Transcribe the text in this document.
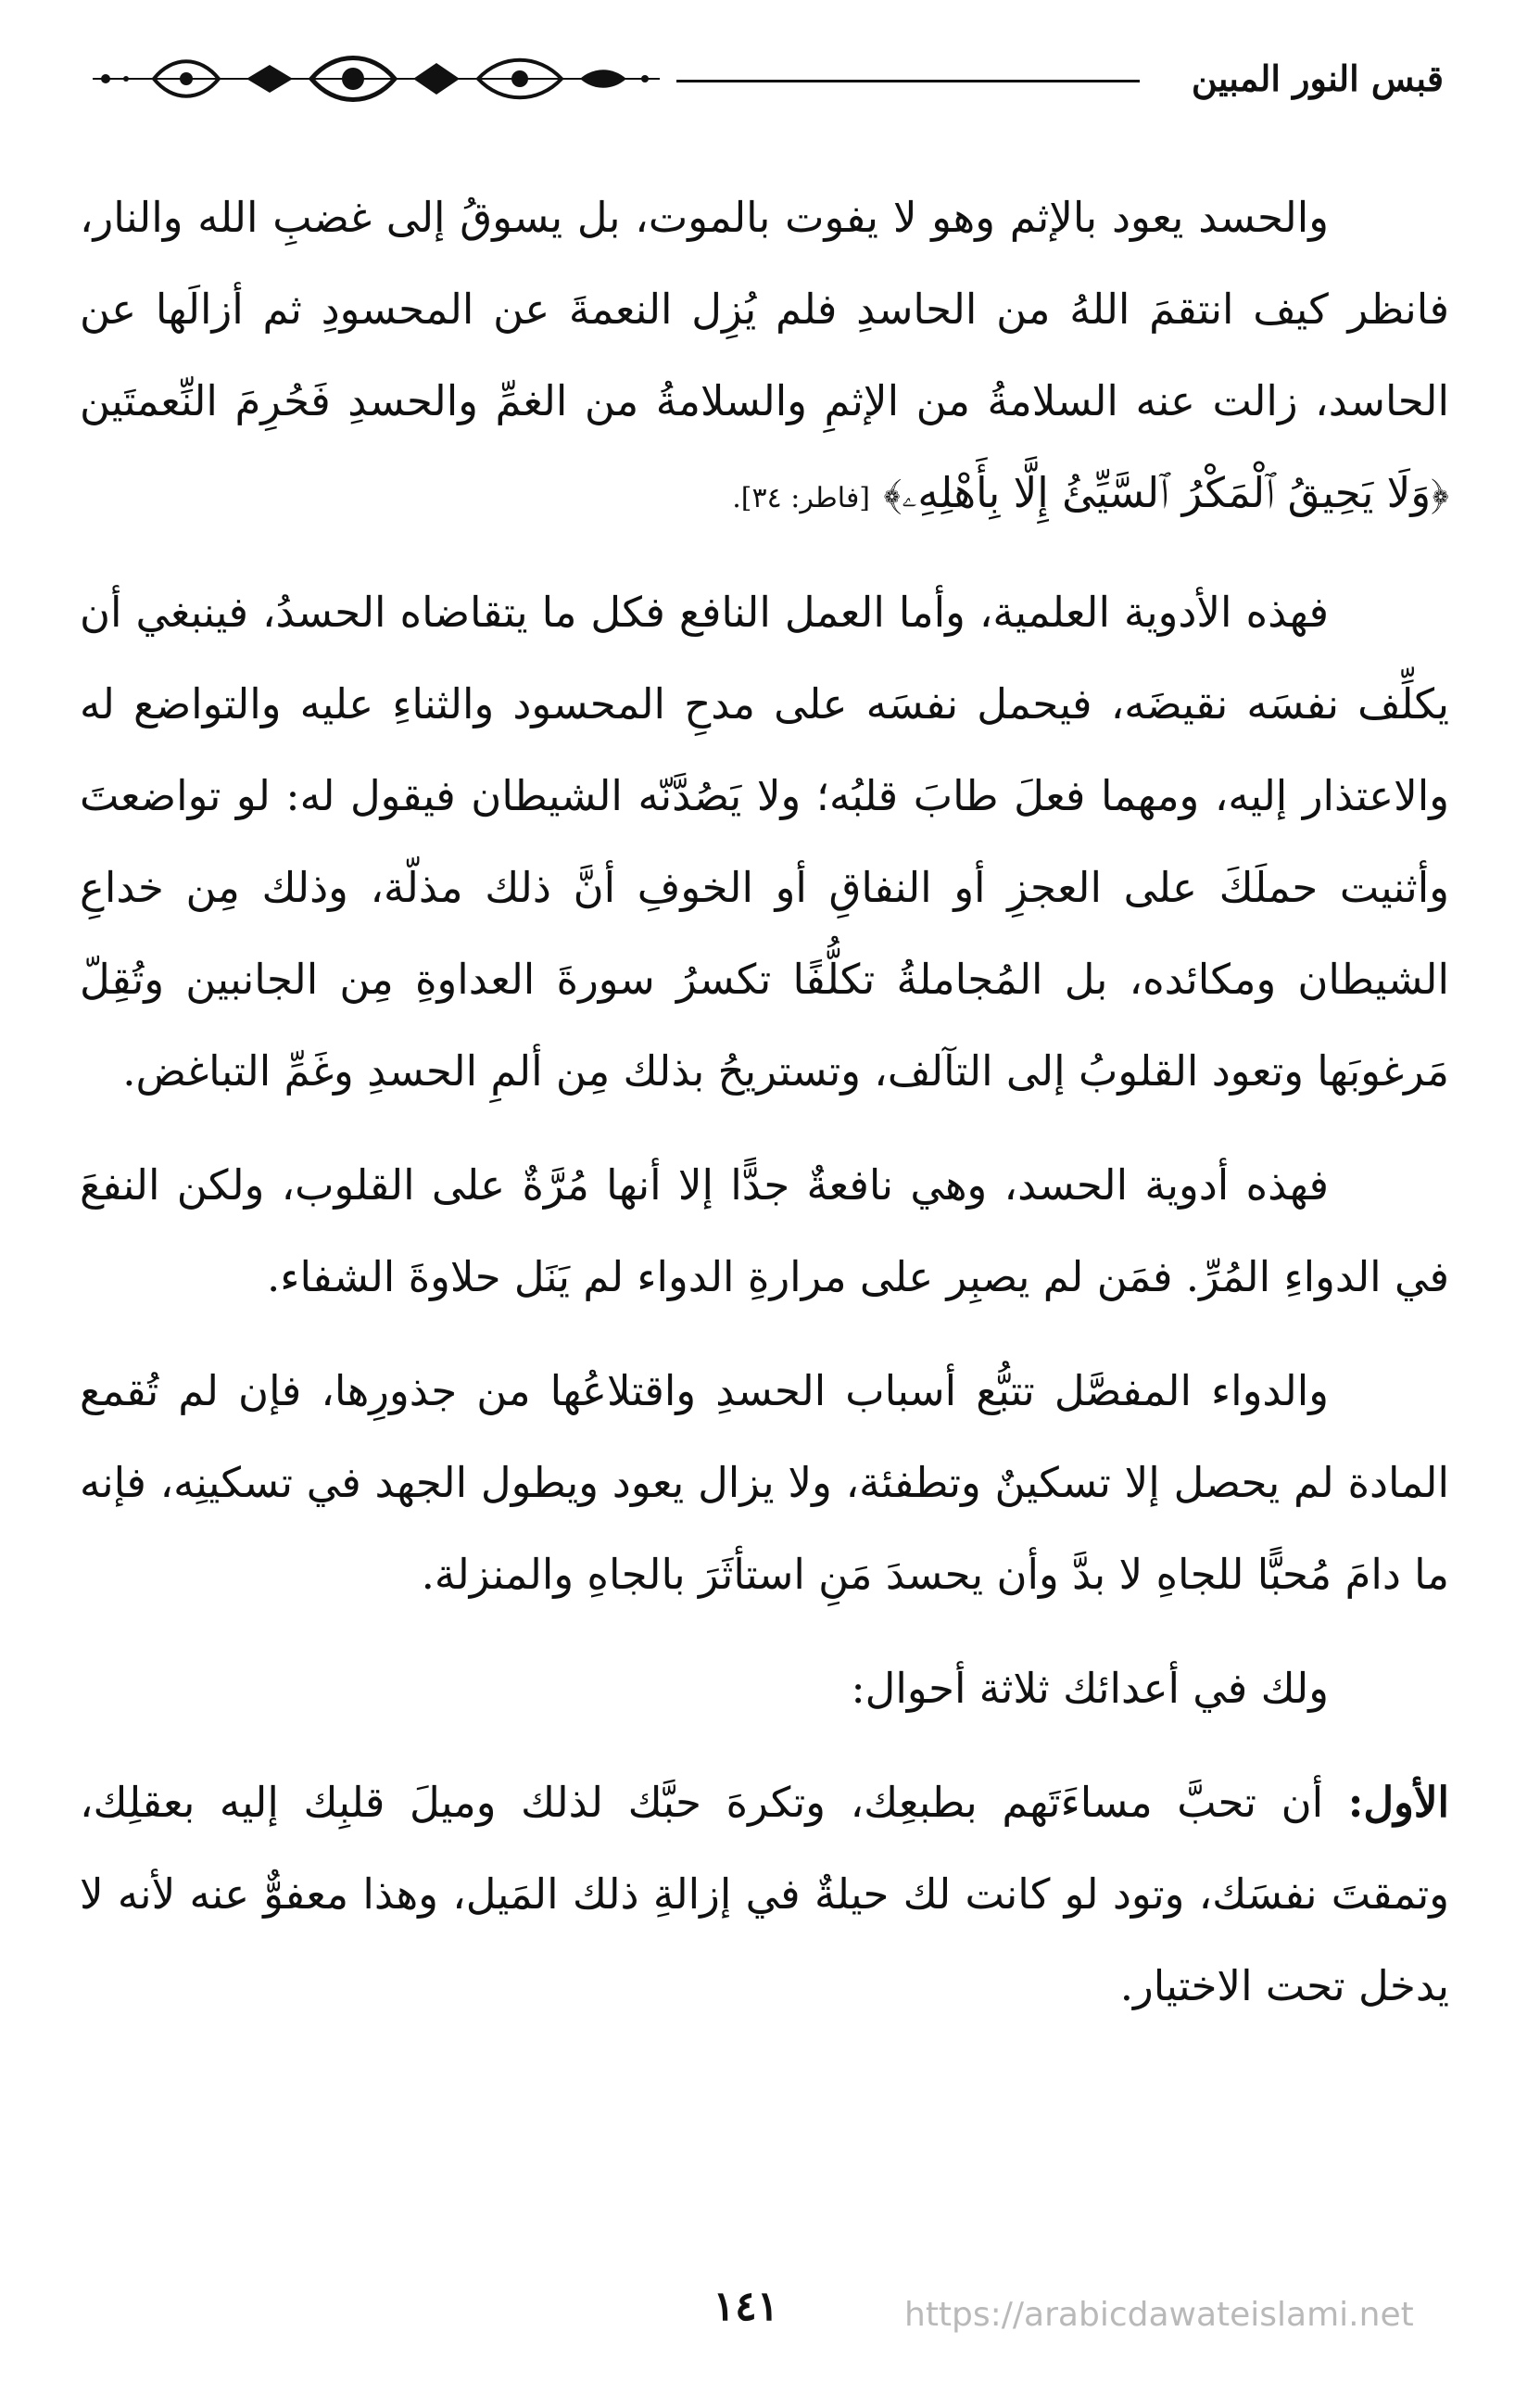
قبس النور المبين

والحسد يعود بالإثم وهو لا يفوت بالموت، بل يسوقُ إلى غضبِ الله والنار، فانظر كيف انتقمَ اللهُ من الحاسدِ فلم يُزِل النعمةَ عن المحسودِ ثم أزالَها عن الحاسد، زالت عنه السلامةُ من الإثمِ والسلامةُ من الغمِّ والحسدِ فَحُرِمَ النِّعمتَين ﴿وَلَا يَحِيقُ ٱلْمَكْرُ ٱلسَّيِّئُ إِلَّا بِأَهْلِهِۦ﴾ [فاطر: ٣٤].

فهذه الأدوية العلمية، وأما العمل النافع فكل ما يتقاضاه الحسدُ، فينبغي أن يكلِّف نفسَه نقيضَه، فيحمل نفسَه على مدحِ المحسود والثناءِ عليه والتواضع له والاعتذار إليه، ومهما فعلَ طابَ قلبُه؛ ولا يَصُدَّنّه الشيطان فيقول له: لو تواضعتَ وأثنيت حملَكَ على العجزِ أو النفاقِ أو الخوفِ أنَّ ذلك مذلّة، وذلك مِن خداعِ الشيطان ومكائده، بل المُجاملةُ تكلُّفًا تكسرُ سورةَ العداوةِ مِن الجانبين وتُقِلّ مَرغوبَها وتعود القلوبُ إلى التآلف، وتستريحُ بذلك مِن ألمِ الحسدِ وغَمِّ التباغض.

فهذه أدوية الحسد، وهي نافعةٌ جدًّا إلا أنها مُرَّةٌ على القلوب، ولكن النفعَ في الدواءِ المُرِّ. فمَن لم يصبِر على مرارةِ الدواء لم يَنَل حلاوةَ الشفاء.

والدواء المفصَّل تتبُّع أسباب الحسدِ واقتلاعُها من جذورِها، فإن لم تُقمع المادة لم يحصل إلا تسكينٌ وتطفئة، ولا يزال يعود ويطول الجهد في تسكينِه، فإنه ما دامَ مُحبًّا للجاهِ لا بدَّ وأن يحسدَ مَنِ استأثَرَ بالجاهِ والمنزلة.

ولك في أعدائك ثلاثة أحوال:

الأول: أن تحبَّ مساءَتَهم بطبعِك، وتكرهَ حبَّك لذلك وميلَ قلبِك إليه بعقلِك، وتمقتَ نفسَك، وتود لو كانت لك حيلةٌ في إزالةِ ذلك المَيل، وهذا معفوٌّ عنه لأنه لا يدخل تحت الاختيار.

١٤١	https://arabicdawateislami.net
